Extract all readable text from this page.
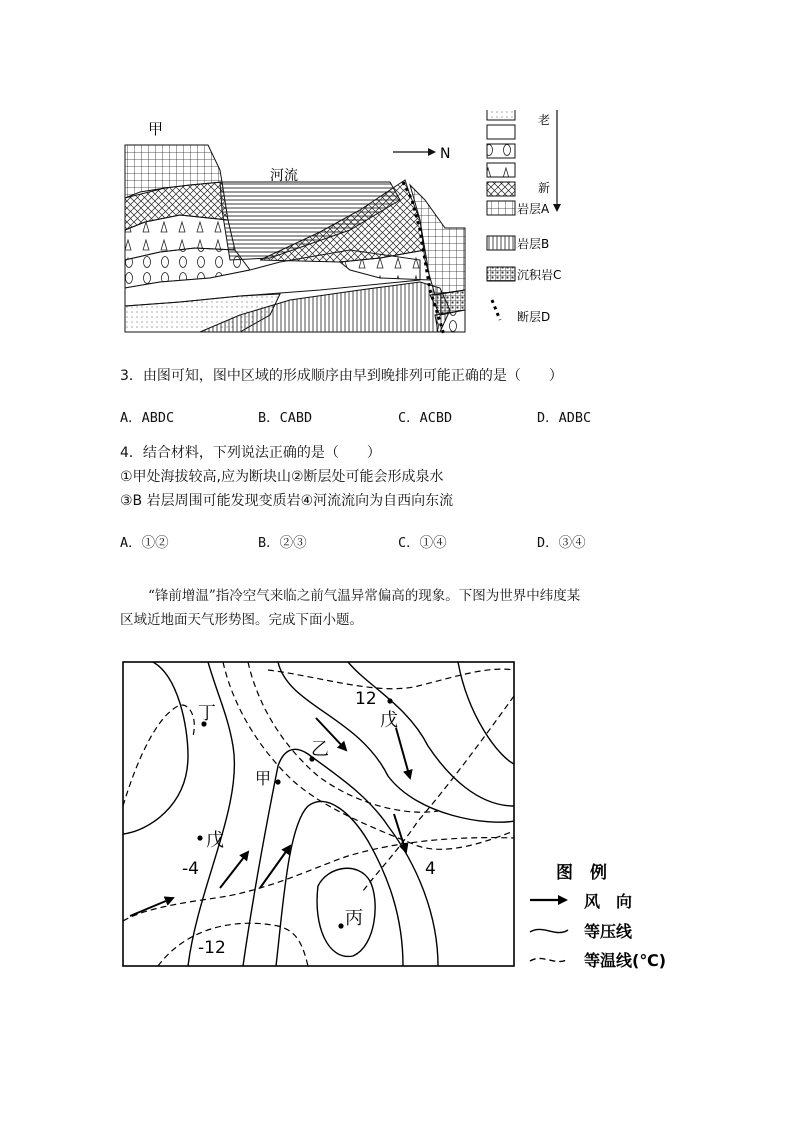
甲
河流
N
老
新
岩层A
岩层B
沉积岩C
断层D
3．由图可知，图中区域的形成顺序由早到晚排列可能正确的是（　　）
A．ABDC	B．CABD	C．ACBD	D．ADBC
4．结合材料，下列说法正确的是（　　）
①甲处海拔较高,应为断块山②断层处可能会形成泉水
③B 岩层周围可能发现变质岩④河流流向为自西向东流
A．①②	B．②③	C．①④	D．③④
“锋前增温”指冷空气来临之前气温异常偏高的现象。下图为世界中纬度某
区域近地面天气形势图。完成下面小题。
丁	戊
乙
甲
戊
丙
12
4
-4
-12
图　例
风　向
等压线
等温线(℃)
